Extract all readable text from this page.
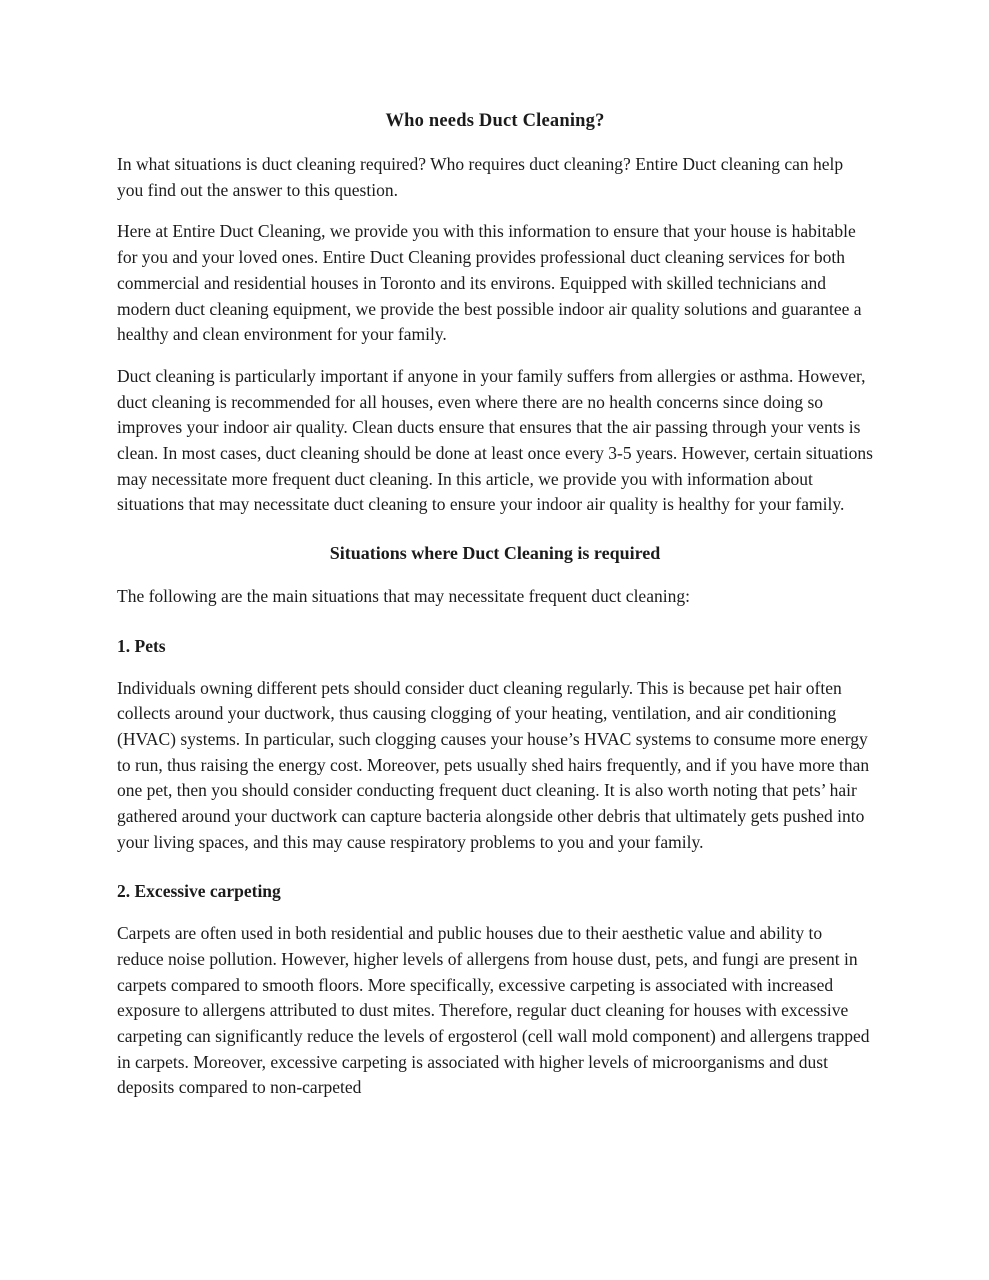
Who needs Duct Cleaning?

In what situations is duct cleaning required? Who requires duct cleaning? Entire Duct cleaning can help you find out the answer to this question.

Here at Entire Duct Cleaning, we provide you with this information to ensure that your house is habitable for you and your loved ones. Entire Duct Cleaning provides professional duct cleaning services for both commercial and residential houses in Toronto and its environs. Equipped with skilled technicians and modern duct cleaning equipment, we provide the best possible indoor air quality solutions and guarantee a healthy and clean environment for your family.

Duct cleaning is particularly important if anyone in your family suffers from allergies or asthma. However, duct cleaning is recommended for all houses, even where there are no health concerns since doing so improves your indoor air quality. Clean ducts ensure that ensures that the air passing through your vents is clean. In most cases, duct cleaning should be done at least once every 3-5 years. However, certain situations may necessitate more frequent duct cleaning. In this article, we provide you with information about situations that may necessitate duct cleaning to ensure your indoor air quality is healthy for your family.

Situations where Duct Cleaning is required

The following are the main situations that may necessitate frequent duct cleaning:

1. Pets

Individuals owning different pets should consider duct cleaning regularly. This is because pet hair often collects around your ductwork, thus causing clogging of your heating, ventilation, and air conditioning (HVAC) systems. In particular, such clogging causes your house’s HVAC systems to consume more energy to run, thus raising the energy cost. Moreover, pets usually shed hairs frequently, and if you have more than one pet, then you should consider conducting frequent duct cleaning. It is also worth noting that pets’ hair gathered around your ductwork can capture bacteria alongside other debris that ultimately gets pushed into your living spaces, and this may cause respiratory problems to you and your family.

2. Excessive carpeting

Carpets are often used in both residential and public houses due to their aesthetic value and ability to reduce noise pollution. However, higher levels of allergens from house dust, pets, and fungi are present in carpets compared to smooth floors. More specifically, excessive carpeting is associated with increased exposure to allergens attributed to dust mites. Therefore, regular duct cleaning for houses with excessive carpeting can significantly reduce the levels of ergosterol (cell wall mold component) and allergens trapped in carpets. Moreover, excessive carpeting is associated with higher levels of microorganisms and dust deposits compared to non-carpeted
